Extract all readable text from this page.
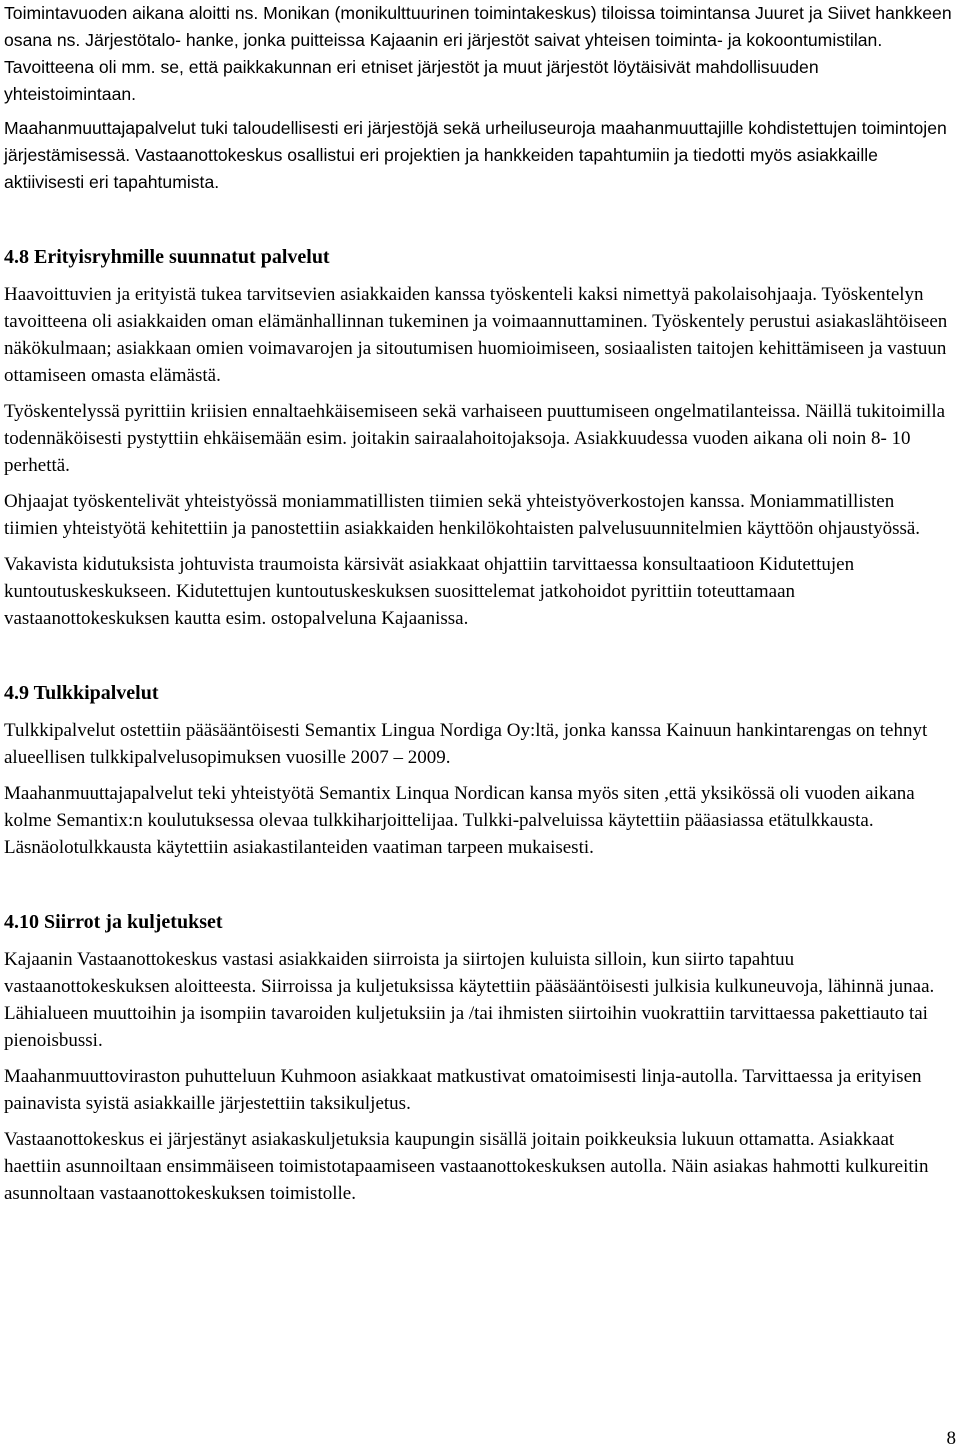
Toimintavuoden aikana aloitti ns. Monikan (monikulttuurinen toimintakeskus) tiloissa toimintansa Juuret ja Siivet hankkeen osana ns. Järjestötalo- hanke, jonka puitteissa Kajaanin eri järjestöt saivat yhteisen toiminta- ja kokoontumistilan. Tavoitteena oli mm. se, että paikkakunnan eri etniset järjestöt ja muut järjestöt löytäisivät mahdollisuuden yhteistoimintaan.

Maahanmuuttajapalvelut tuki taloudellisesti eri järjestöjä sekä urheiluseuroja maahanmuuttajille kohdistettujen toimintojen järjestämisessä. Vastaanottokeskus osallistui eri projektien ja hankkeiden tapahtumiin ja tiedotti myös asiakkaille aktiivisesti eri tapahtumista.

4.8 Erityisryhmille suunnatut palvelut

Haavoittuvien ja erityistä tukea tarvitsevien asiakkaiden kanssa työskenteli kaksi nimettyä pakolaisohjaaja. Työskentelyn tavoitteena oli asiakkaiden oman elämänhallinnan tukeminen ja voimaannuttaminen. Työskentely perustui asiakaslähtöiseen näkökulmaan; asiakkaan omien voimavarojen ja sitoutumisen huomioimiseen, sosiaalisten taitojen kehittämiseen ja vastuun ottamiseen omasta elämästä.

Työskentelyssä pyrittiin kriisien ennaltaehkäisemiseen sekä varhaiseen puuttumiseen ongelmatilanteissa. Näillä tukitoimilla todennäköisesti pystyttiin ehkäisemään esim. joitakin sairaalahoitojaksoja. Asiakkuudessa vuoden aikana oli noin 8- 10 perhettä.

Ohjaajat työskentelivät yhteistyössä moniammatillisten tiimien sekä yhteistyöverkostojen kanssa. Moniammatillisten tiimien yhteistyötä kehitettiin ja panostettiin asiakkaiden henkilökohtaisten palvelusuunnitelmien käyttöön ohjaustyössä.

Vakavista kidutuksista johtuvista traumoista kärsivät asiakkaat ohjattiin tarvittaessa konsultaatioon Kidutettujen kuntoutuskeskukseen. Kidutettujen kuntoutuskeskuksen suosittelemat jatkohoidot pyrittiin toteuttamaan vastaanottokeskuksen kautta esim. ostopalveluna Kajaanissa.

4.9 Tulkkipalvelut

Tulkkipalvelut ostettiin pääsääntöisesti Semantix Lingua Nordiga Oy:ltä, jonka kanssa Kainuun hankintarengas on tehnyt alueellisen tulkkipalvelusopimuksen vuosille 2007 – 2009.

Maahanmuuttajapalvelut teki yhteistyötä Semantix Linqua Nordican kansa myös siten ,että yksikössä oli vuoden aikana kolme Semantix:n koulutuksessa olevaa tulkkiharjoittelijaa. Tulkki-palveluissa käytettiin pääasiassa etätulkkausta. Läsnäolotulkkausta käytettiin asiakastilanteiden vaatiman tarpeen mukaisesti.

4.10 Siirrot ja kuljetukset

Kajaanin Vastaanottokeskus vastasi asiakkaiden siirroista ja siirtojen kuluista silloin, kun siirto tapahtuu vastaanottokeskuksen aloitteesta. Siirroissa ja kuljetuksissa käytettiin pääsääntöisesti julkisia kulkuneuvoja, lähinnä junaa. Lähialueen muuttoihin ja isompiin tavaroiden kuljetuksiin ja /tai ihmisten siirtoihin vuokrattiin tarvittaessa pakettiauto tai pienoisbussi.

Maahanmuuttoviraston puhutteluun Kuhmoon asiakkaat matkustivat omatoimisesti linja-autolla. Tarvittaessa ja erityisen painavista syistä asiakkaille järjestettiin taksikuljetus.

Vastaanottokeskus ei järjestänyt asiakaskuljetuksia kaupungin sisällä joitain poikkeuksia lukuun ottamatta. Asiakkaat haettiin asunnoiltaan ensimmäiseen toimistotapaamiseen vastaanottokeskuksen autolla. Näin asiakas hahmotti kulkureitin asunnoltaan vastaanottokeskuksen toimistolle.

8
